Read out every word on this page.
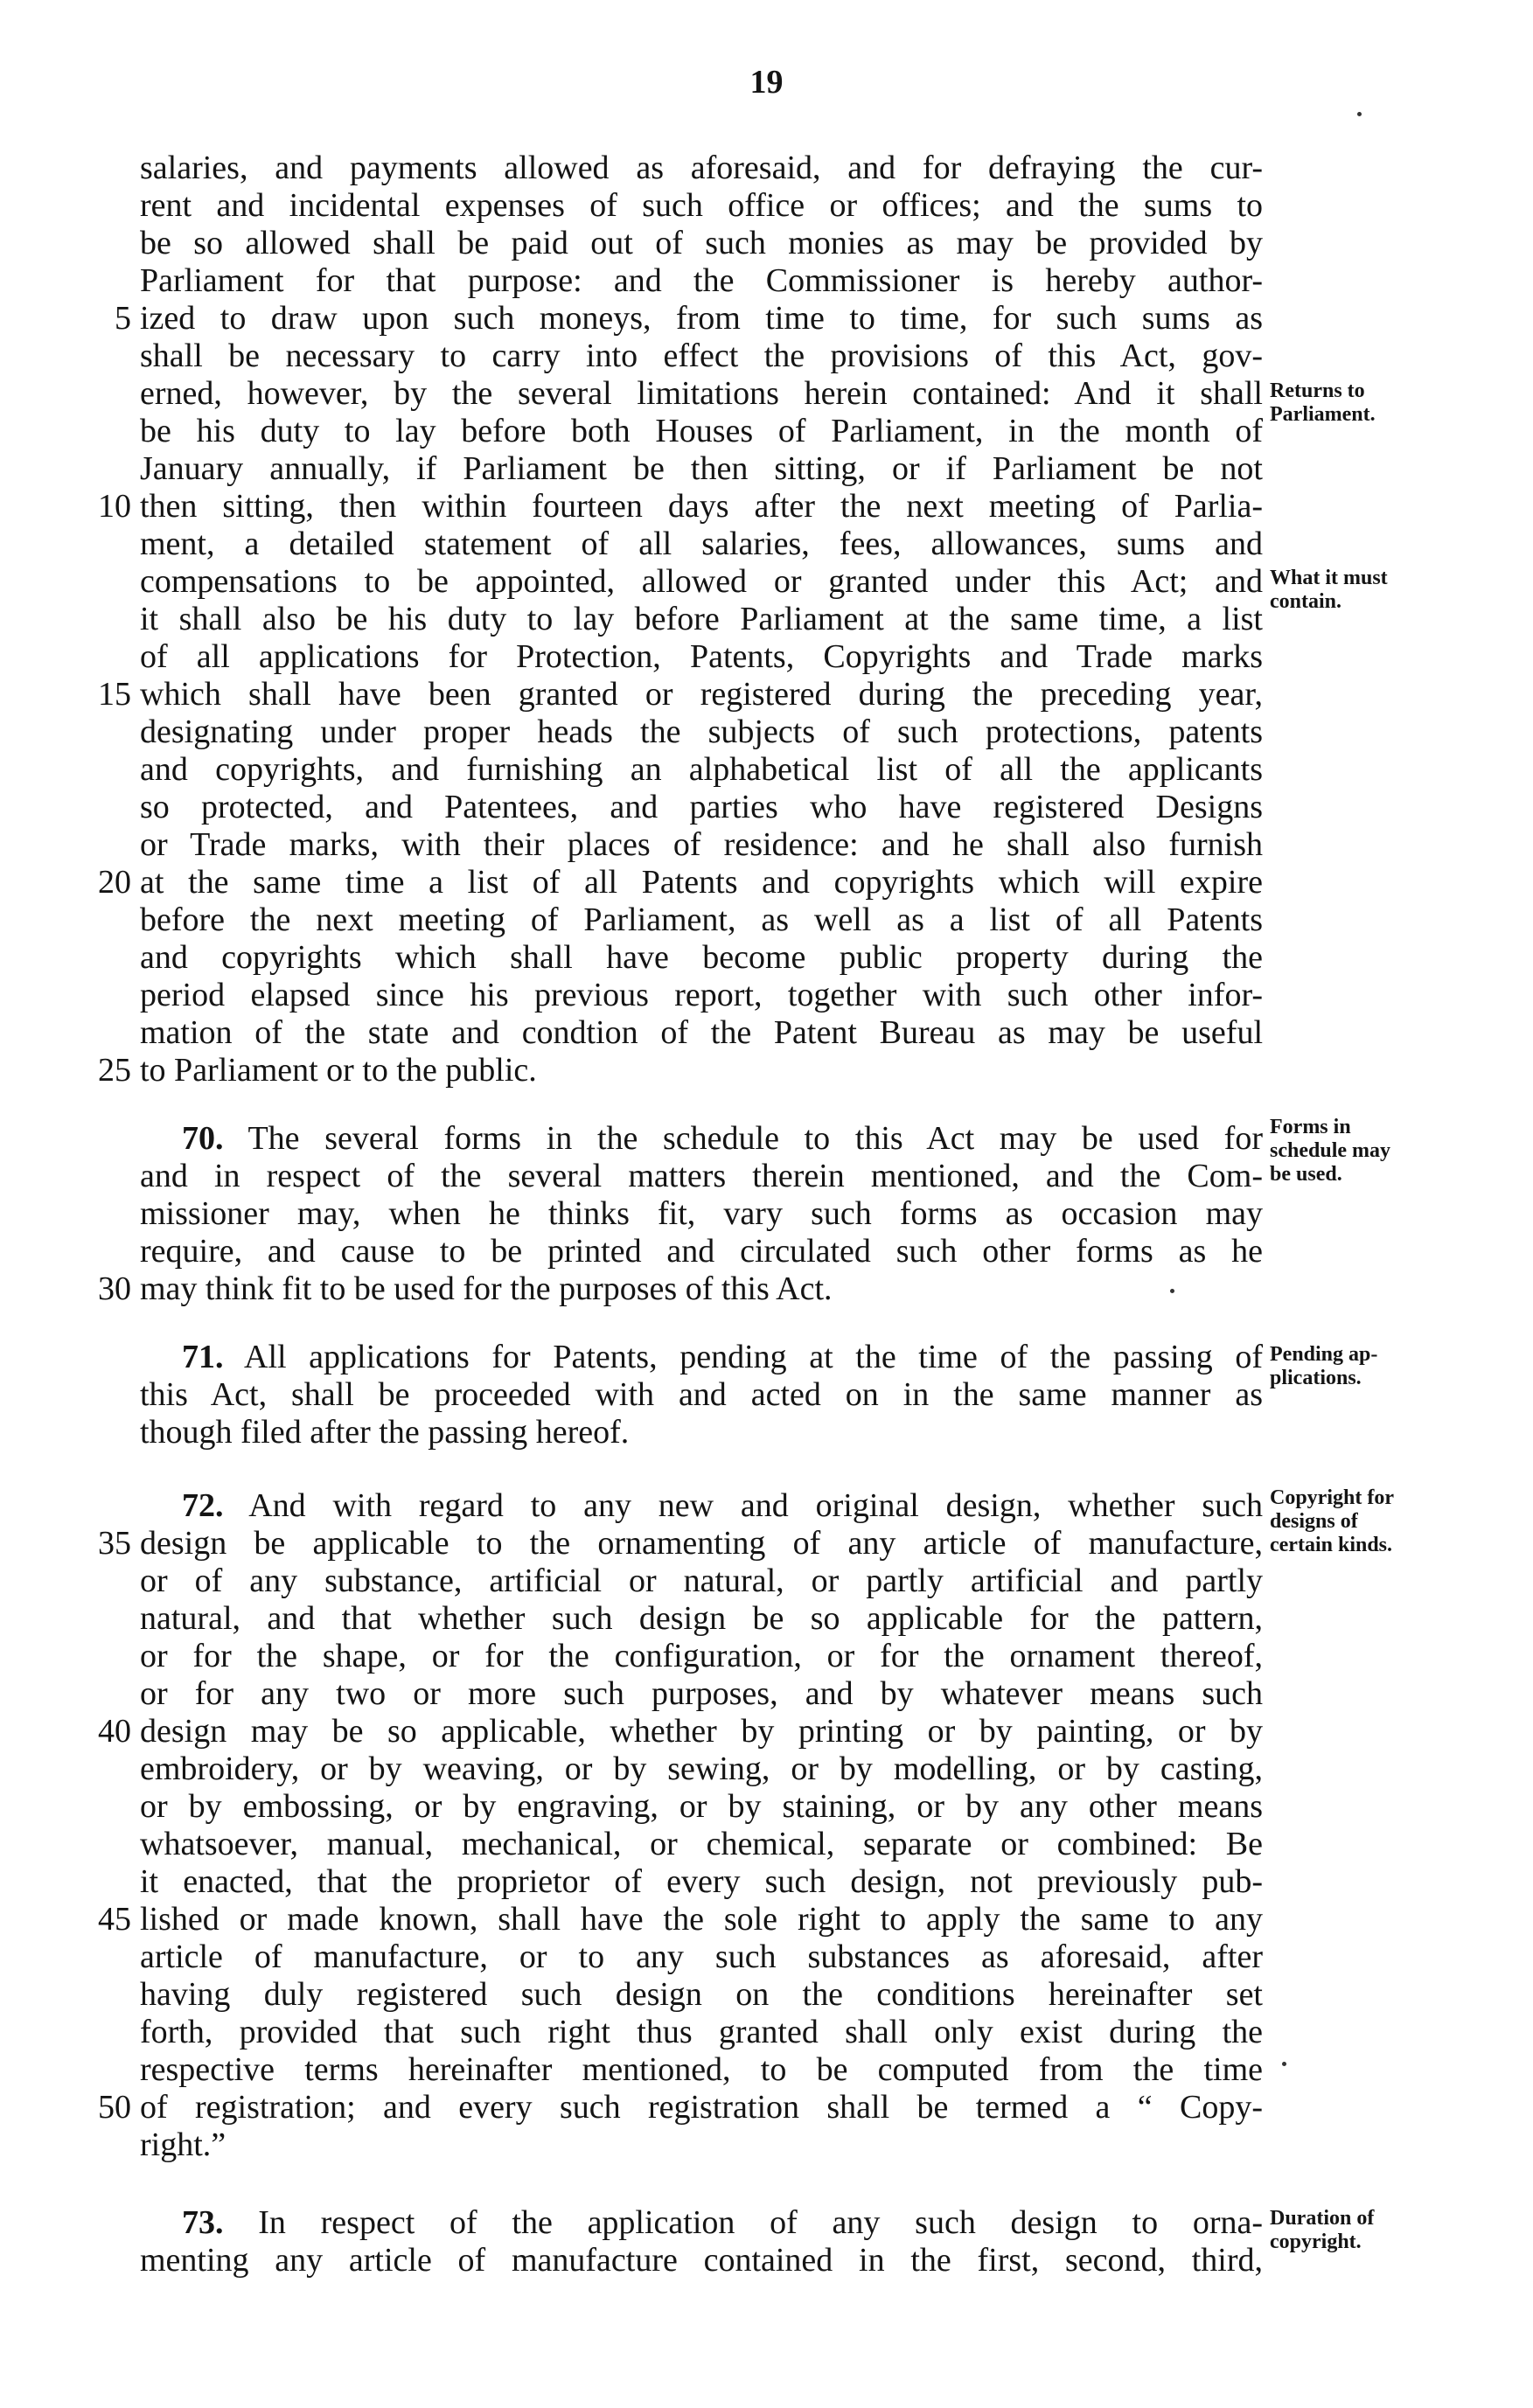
19
salaries, and payments allowed as aforesaid, and for defraying the cur-
rent and incidental expenses of such office or offices; and the sums to
be so allowed shall be paid out of such monies as may be provided by
Parliament for that purpose: and the Commissioner is hereby author-
5 ized to draw upon such moneys, from time to time, for such sums as
shall be necessary to carry into effect the provisions of this Act, gov-
erned, however, by the several limitations herein contained: And it shall
be his duty to lay before both Houses of Parliament, in the month of
January annually, if Parliament be then sitting, or if Parliament be not
10 then sitting, then within fourteen days after the next meeting of Parlia-
ment, a detailed statement of all salaries, fees, allowances, sums and
compensations to be appointed, allowed or granted under this Act; and
it shall also be his duty to lay before Parliament at the same time, a list
of all applications for Protection, Patents, Copyrights and Trade marks
15 which shall have been granted or registered during the preceding year,
designating under proper heads the subjects of such protections, patents
and copyrights, and furnishing an alphabetical list of all the applicants
so protected, and Patentees, and parties who have registered Designs
or Trade marks, with their places of residence: and he shall also furnish
20 at the same time a list of all Patents and copyrights which will expire
before the next meeting of Parliament, as well as a list of all Patents
and copyrights which shall have become public property during the
period elapsed since his previous report, together with such other infor-
mation of the state and condtion of the Patent Bureau as may be useful
25 to Parliament or to the public.
70. The several forms in the schedule to this Act may be used for
and in respect of the several matters therein mentioned, and the Com-
missioner may, when he thinks fit, vary such forms as occasion may
require, and cause to be printed and circulated such other forms as he
30 may think fit to be used for the purposes of this Act.
71. All applications for Patents, pending at the time of the passing of
this Act, shall be proceeded with and acted on in the same manner as
though filed after the passing hereof.
72. And with regard to any new and original design, whether such
35 design be applicable to the ornamenting of any article of manufacture,
or of any substance, artificial or natural, or partly artificial and partly
natural, and that whether such design be so applicable for the pattern,
or for the shape, or for the configuration, or for the ornament thereof,
or for any two or more such purposes, and by whatever means such
40 design may be so applicable, whether by printing or by painting, or by
embroidery, or by weaving, or by sewing, or by modelling, or by casting,
or by embossing, or by engraving, or by staining, or by any other means
whatsoever, manual, mechanical, or chemical, separate or combined: Be
it enacted, that the proprietor of every such design, not previously pub-
45 lished or made known, shall have the sole right to apply the same to any
article of manufacture, or to any such substances as aforesaid, after
having duly registered such design on the conditions hereinafter set
forth, provided that such right thus granted shall only exist during the
respective terms hereinafter mentioned, to be computed from the time
50 of registration; and every such registration shall be termed a “ Copy-
right.”
73. In respect of the application of any such design to orna-
menting any article of manufacture contained in the first, second, third,
Returns to
Parliament.
What it must
contain.
Forms in
schedule may
be used.
Pending ap-
plications.
Copyright for
designs of
certain kinds.
Duration of
copyright.
